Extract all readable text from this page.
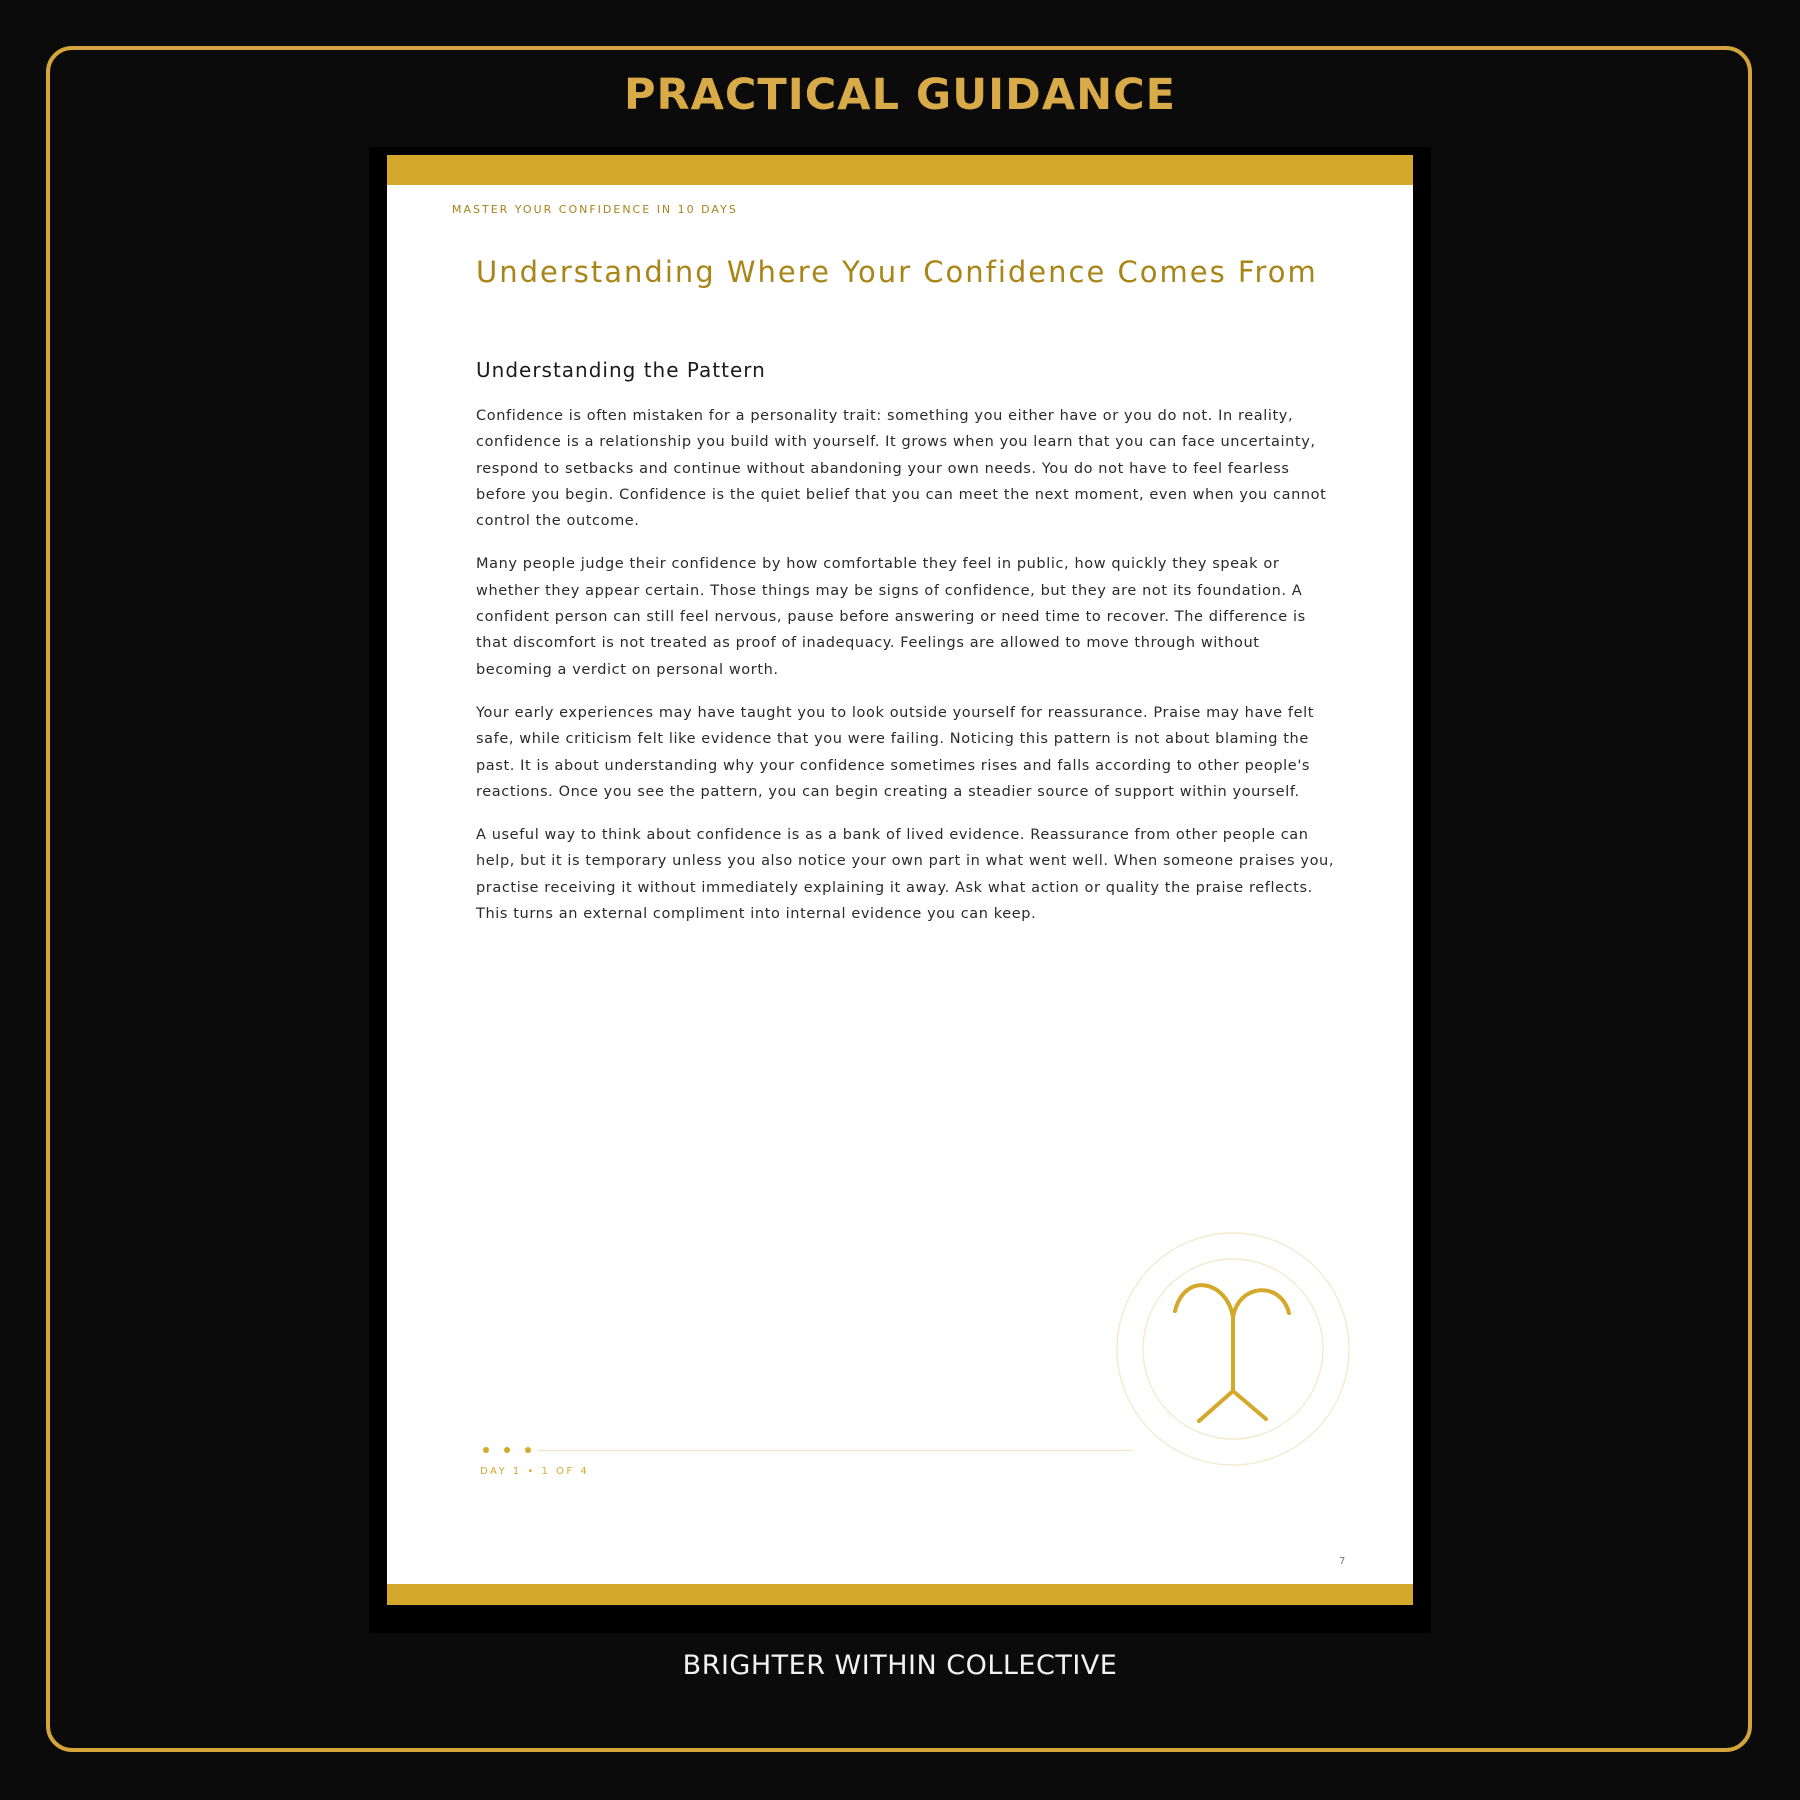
PRACTICAL GUIDANCE

MASTER YOUR CONFIDENCE IN 10 DAYS

Understanding Where Your Confidence Comes From
Understanding the Pattern

Confidence is often mistaken for a personality trait: something you either have or you do not. In reality, confidence is a relationship you build with yourself. It grows when you learn that you can face uncertainty, respond to setbacks and continue without abandoning your own needs. You do not have to feel fearless before you begin. Confidence is the quiet belief that you can meet the next moment, even when you cannot control the outcome.

Many people judge their confidence by how comfortable they feel in public, how quickly they speak or whether they appear certain. Those things may be signs of confidence, but they are not its foundation. A confident person can still feel nervous, pause before answering or need time to recover. The difference is that discomfort is not treated as proof of inadequacy. Feelings are allowed to move through without becoming a verdict on personal worth.

Your early experiences may have taught you to look outside yourself for reassurance. Praise may have felt safe, while criticism felt like evidence that you were failing. Noticing this pattern is not about blaming the past. It is about understanding why your confidence sometimes rises and falls according to other people's reactions. Once you see the pattern, you can begin creating a steadier source of support within yourself.

A useful way to think about confidence is as a bank of lived evidence. Reassurance from other people can help, but it is temporary unless you also notice your own part in what went well. When someone praises you, practise receiving it without immediately explaining it away. Ask what action or quality the praise reflects. This turns an external compliment into internal evidence you can keep.

DAY 1 • 1 OF 4

7

BRIGHTER WITHIN COLLECTIVE
